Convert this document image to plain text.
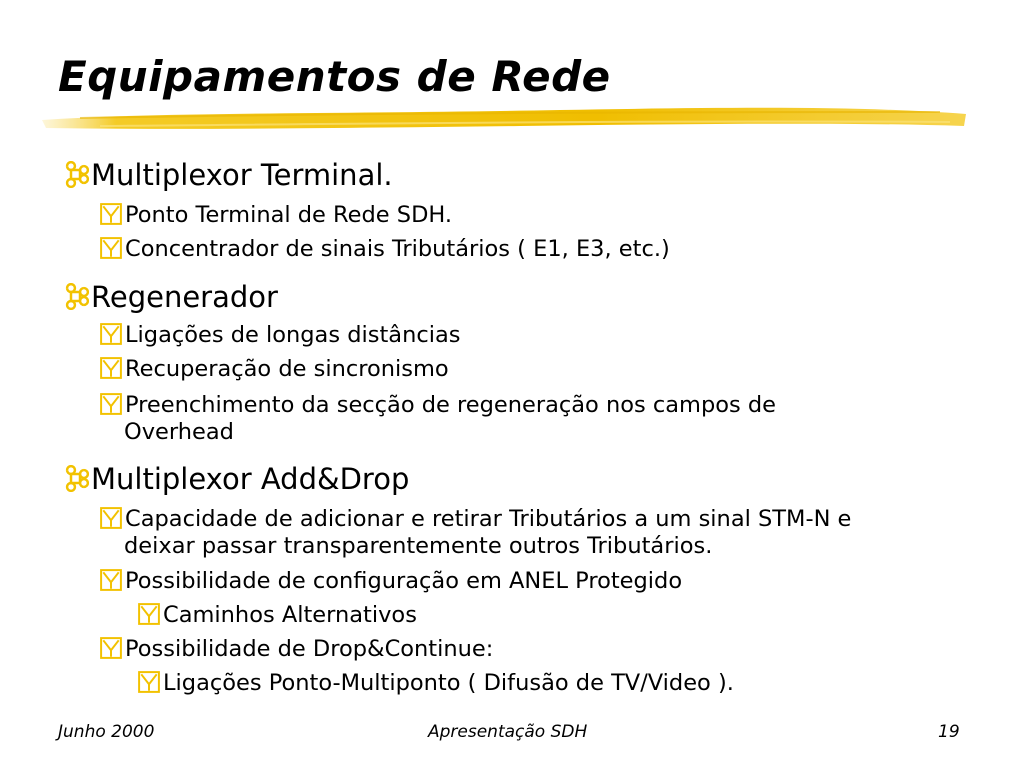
Equipamentos de Rede
Multiplexor Terminal.
Ponto Terminal de Rede SDH.
Concentrador de sinais Tributários ( E1, E3, etc.)
Regenerador
Ligações de longas distâncias
Recuperação de sincronismo
Preenchimento da secção de regeneração nos campos de
Overhead
Multiplexor Add&Drop
Capacidade de adicionar e retirar Tributários a um sinal STM-N e
deixar passar transparentemente outros Tributários.
Possibilidade de configuração em ANEL Protegido
Caminhos Alternativos
Possibilidade de Drop&Continue:
Ligações Ponto-Multiponto ( Difusão de TV/Video ).
Junho 2000	Apresentação SDH	19
